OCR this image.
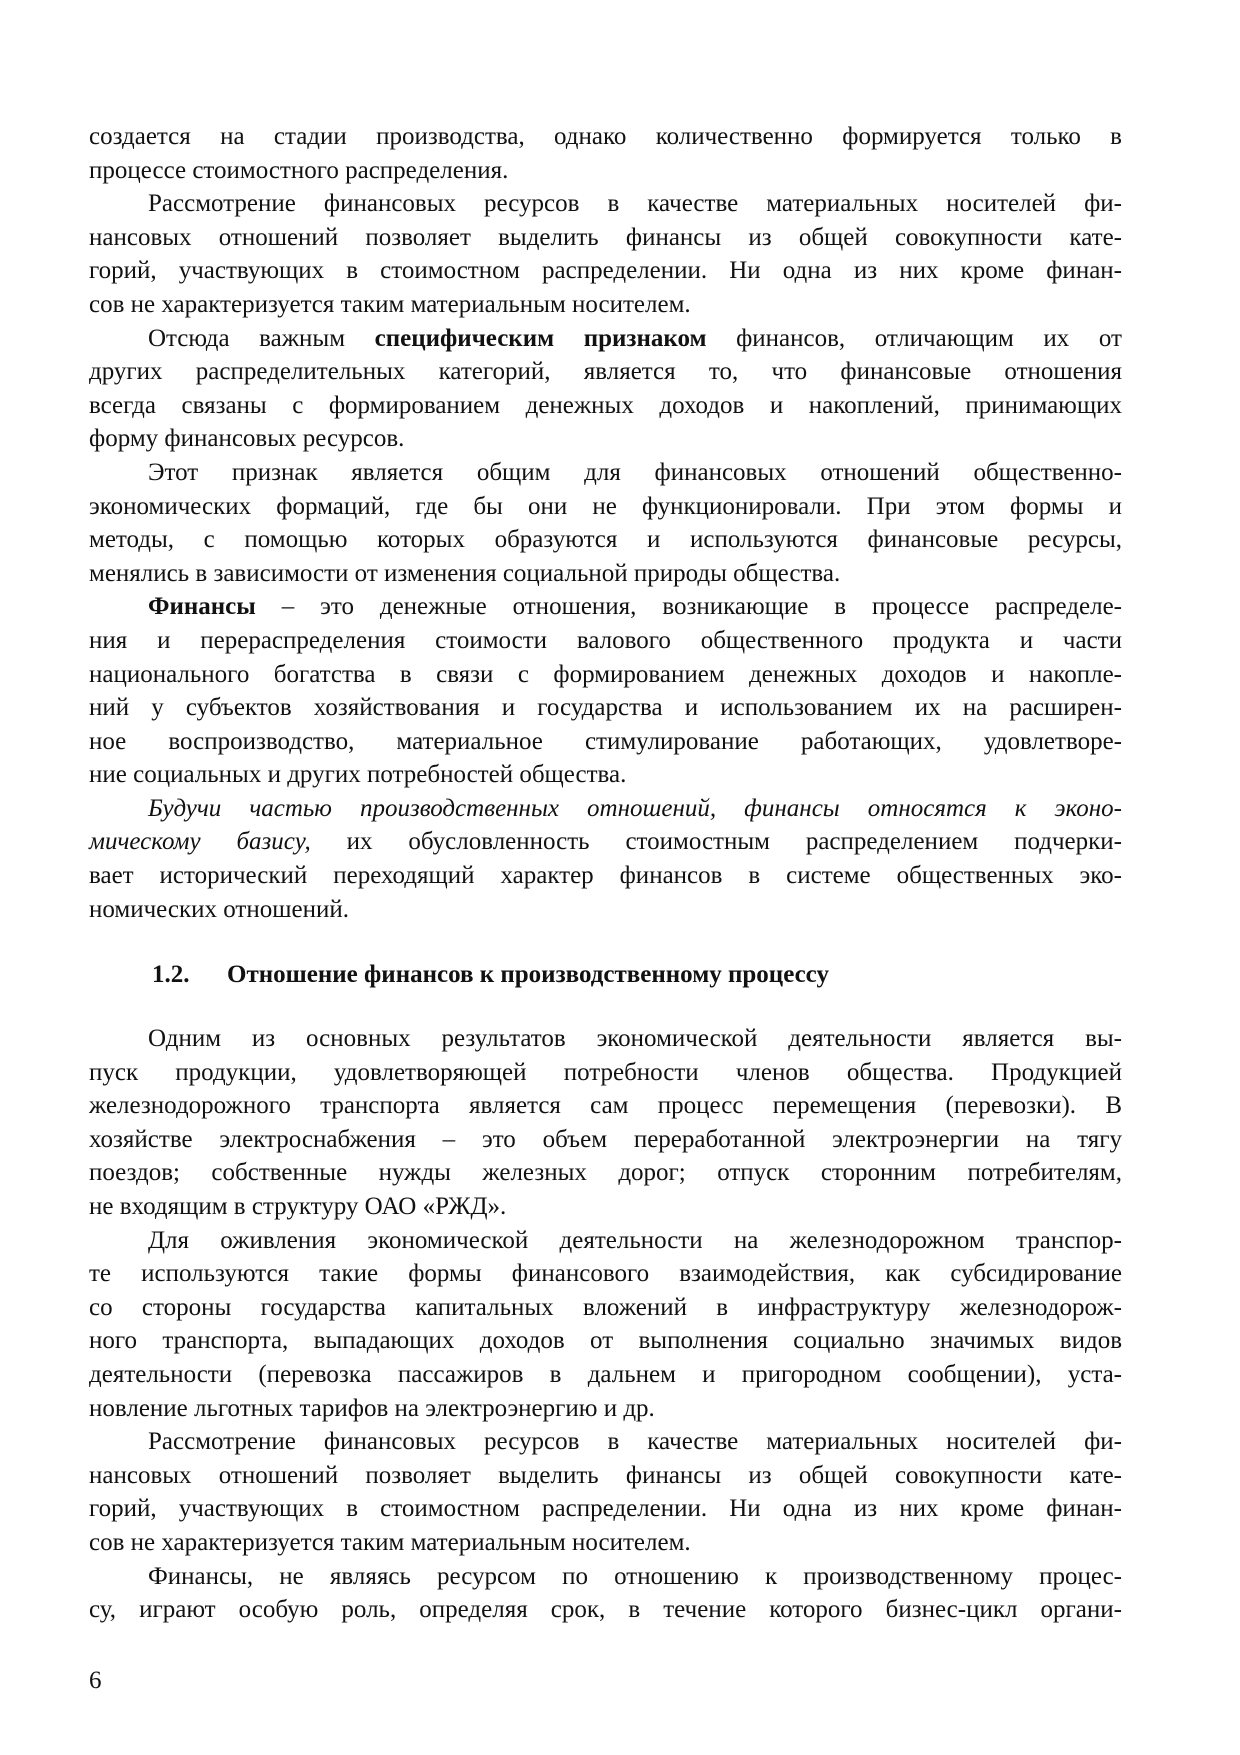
создается на стадии производства, однако количественно формируется только в
процессе стоимостного распределения.
Рассмотрение финансовых ресурсов в качестве материальных носителей фи-
нансовых отношений позволяет выделить финансы из общей совокупности кате-
горий, участвующих в стоимостном распределении. Ни одна из них кроме финан-
сов не характеризуется таким материальным носителем.
Отсюда важным специфическим признаком финансов, отличающим их от
других распределительных категорий, является то, что финансовые отношения
всегда связаны с формированием денежных доходов и накоплений, принимающих
форму финансовых ресурсов.
Этот признак является общим для финансовых отношений общественно-
экономических формаций, где бы они не функционировали. При этом формы и
методы, с помощью которых образуются и используются финансовые ресурсы,
менялись в зависимости от изменения социальной природы общества.
Финансы – это денежные отношения, возникающие в процессе распределе-
ния и перераспределения стоимости валового общественного продукта и части
национального богатства в связи с формированием денежных доходов и накопле-
ний у субъектов хозяйствования и государства и использованием их на расширен-
ное воспроизводство, материальное стимулирование работающих, удовлетворе-
ние социальных и других потребностей общества.
Будучи частью производственных отношений, финансы относятся к эконо-
мическому базису, их обусловленность стоимостным распределением подчерки-
вает исторический переходящий характер финансов в системе общественных эко-
номических отношений.
1.2. Отношение финансов к производственному процессу
Одним из основных результатов экономической деятельности является вы-
пуск продукции, удовлетворяющей потребности членов общества. Продукцией
железнодорожного транспорта является сам процесс перемещения (перевозки). В
хозяйстве электроснабжения – это объем переработанной электроэнергии на тягу
поездов; собственные нужды железных дорог; отпуск сторонним потребителям,
не входящим в структуру ОАО «РЖД».
Для оживления экономической деятельности на железнодорожном транспор-
те используются такие формы финансового взаимодействия, как субсидирование
со стороны государства капитальных вложений в инфраструктуру железнодорож-
ного транспорта, выпадающих доходов от выполнения социально значимых видов
деятельности (перевозка пассажиров в дальнем и пригородном сообщении), уста-
новление льготных тарифов на электроэнергию и др.
Рассмотрение финансовых ресурсов в качестве материальных носителей фи-
нансовых отношений позволяет выделить финансы из общей совокупности кате-
горий, участвующих в стоимостном распределении. Ни одна из них кроме финан-
сов не характеризуется таким материальным носителем.
Финансы, не являясь ресурсом по отношению к производственному процес-
су, играют особую роль, определяя срок, в течение которого бизнес-цикл органи-
6
